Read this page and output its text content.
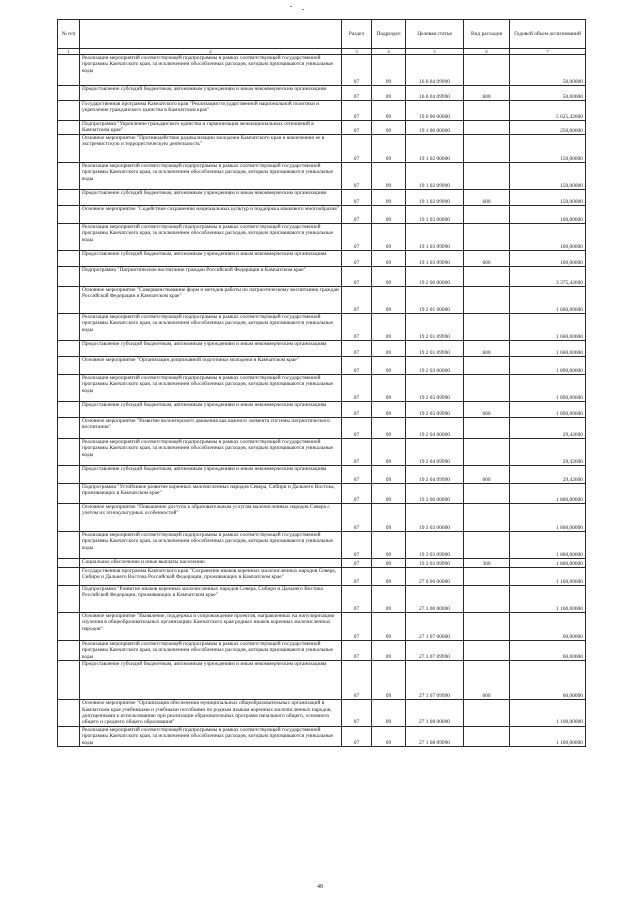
№ п/п		Раздел	Подраздел	Целевая статья	Вид расходов	Годовой объем ассигнований
1	2	3	4	5	6	7
	Реализация мероприятий соответствующей подпрограммы в рамках соответствующей государственной программы Камчатского края, за исключением обособленных расходов, которым присваиваются уникальные коды	07	09	16 6 04 09990		50,00000
	Предоставление субсидий бюджетным, автономным учреждениям и иным некоммерческим организациям	07	09	16 6 04 09990	600	50,00000
	Государственная программа Камчатского края "Реализация государственной национальной политики и укрепление гражданского единства в Камчатском крае"	07	09	19 0 00 00000		5 625,42600
	Подпрограмма "Укрепление гражданского единства и гармонизация межнациональных отношений в Камчатском крае"	07	09	19 1 00 00000		250,00000
	Основное мероприятие "Противодействие радикализации молодежи Камчатского края и вовлечению ее в экстремистскую и террористическую деятельность"	07	09	19 1 02 00000		150,00000
	Реализация мероприятий соответствующей подпрограммы в рамках соответствующей государственной программы Камчатского края, за исключением обособленных расходов, которым присваиваются уникальные коды	07	09	19 1 02 09990		150,00000
	Предоставление субсидий бюджетным, автономным учреждениям и иным некоммерческим организациям	07	09	19 1 02 09990	600	150,00000
	Основное мероприятие "Содействие сохранению национальных культур и поддержка языкового многообразия"	07	09	19 1 03 00000		100,00000
	Реализация мероприятий соответствующей подпрограммы в рамках соответствующей государственной программы Камчатского края, за исключением обособленных расходов, которым присваиваются уникальные коды	07	09	19 1 03 09990		100,00000
	Предоставление субсидий бюджетным, автономным учреждениям и иным некоммерческим организациям	07	09	19 1 03 09990	600	100,00000
	Подпрограмма "Патриотическое воспитание граждан Российской Федерации в Камчатском крае"	07	09	19 2 00 00000		3 375,42600
	Основное мероприятие "Совершенствование форм и методов работы по патриотическому воспитанию граждан Российской Федерации в Камчатском крае"	07	09	19 2 01 00000		1 660,00000
	Реализация мероприятий соответствующей подпрограммы в рамках соответствующей государственной программы Камчатского края, за исключением обособленных расходов, которым присваиваются уникальные коды	07	09	19 2 01 09990		1 660,00000
	Предоставление субсидий бюджетным, автономным учреждениям и иным некоммерческим организациям	07	09	19 2 01 09990	600	1 660,00000
	Основное мероприятие "Организация допризывной подготовки молодежи в Камчатском крае"	07	09	19 2 03 00000		1 890,00000
	Реализация мероприятий соответствующей подпрограммы в рамках соответствующей государственной программы Камчатского края, за исключением обособленных расходов, которым присваиваются уникальные коды	07	09	19 2 03 09990		1 890,00000
	Предоставление субсидий бюджетным, автономным учреждениям и иным некоммерческим организациям	07	09	19 2 03 09990	600	1 890,00000
	Основное мероприятие "Развитие волонтерского движения как важного элемента системы патриотического воспитания"	07	09	19 2 04 00000		29,42600
	Реализация мероприятий соответствующей подпрограммы в рамках соответствующей государственной программы Камчатского края, за исключением обособленных расходов, которым присваиваются уникальные коды	07	09	19 2 04 09990		29,42600
	Предоставление субсидий бюджетным, автономным учреждениям и иным некоммерческим организациям	07	09	19 2 04 09990	600	29,42600
	Подпрограмма "Устойчивое развитие коренных малочисленных народов Севера, Сибири и Дальнего Востока, проживающих в Камчатском крае"	07	09	19 3 00 00000		1 800,00000
	Основное мероприятие "Повышение доступа к образовательным услугам малочисленных народов Севера с учетом их этнокультурных особенностей"	07	09	19 3 03 00000		1 800,00000
	Реализация мероприятий соответствующей подпрограммы в рамках соответствующей государственной программы Камчатского края, за исключением обособленных расходов, которым присваиваются уникальные коды	07	09	19 3 03 09990		1 800,00000
	Социальное обеспечение и иные выплаты населению	07	09	19 3 03 09990	300	1 800,00000
	Государственная программа Камчатского края "Сохранение языков коренных малочисленных народов Севера, Сибири и Дальнего Востока Российской Федерации, проживающих в Камчатском крае"	07	09	27 0 00 00000		1 160,00000
	Подпрограмма "Развитие языков коренных малочисленных народов Севера, Сибири и Дальнего Востока Российской Федерации, проживающих в Камчатском крае"	07	09	27 1 00 00000		1 160,00000
	Основное мероприятие "Выявление, поддержка и сопровождение проектов, направленных на популяризацию изучения в общеобразовательных организациях Камчатского края родных языков коренных малочисленных народов"	07	09	27 1 07 00000		60,00000
	Реализация мероприятий соответствующей подпрограммы в рамках соответствующей государственной программы Камчатского края, за исключением обособленных расходов, которым присваиваются уникальные коды	07	09	27 1 07 09990		60,00000
	Предоставление субсидий бюджетным, автономным учреждениям и иным некоммерческим организациям	07	09	27 1 07 09990	600	60,00000
	Основное мероприятие "Организация обеспечения муниципальных общеобразовательных организаций в Камчатском крае учебниками и учебными пособиями по родным языкам коренных малочисленных народов, допущенными к использованию при реализации образовательных программ начального общего, основного общего и среднего общего образования"	07	09	27 1 08 00000		1 100,00000
	Реализация мероприятий соответствующей подпрограммы в рамках соответствующей государственной программы Камчатского края, за исключением обособленных расходов, которым присваиваются уникальные коды	07	09	27 1 08 09990		1 100,00000
48
